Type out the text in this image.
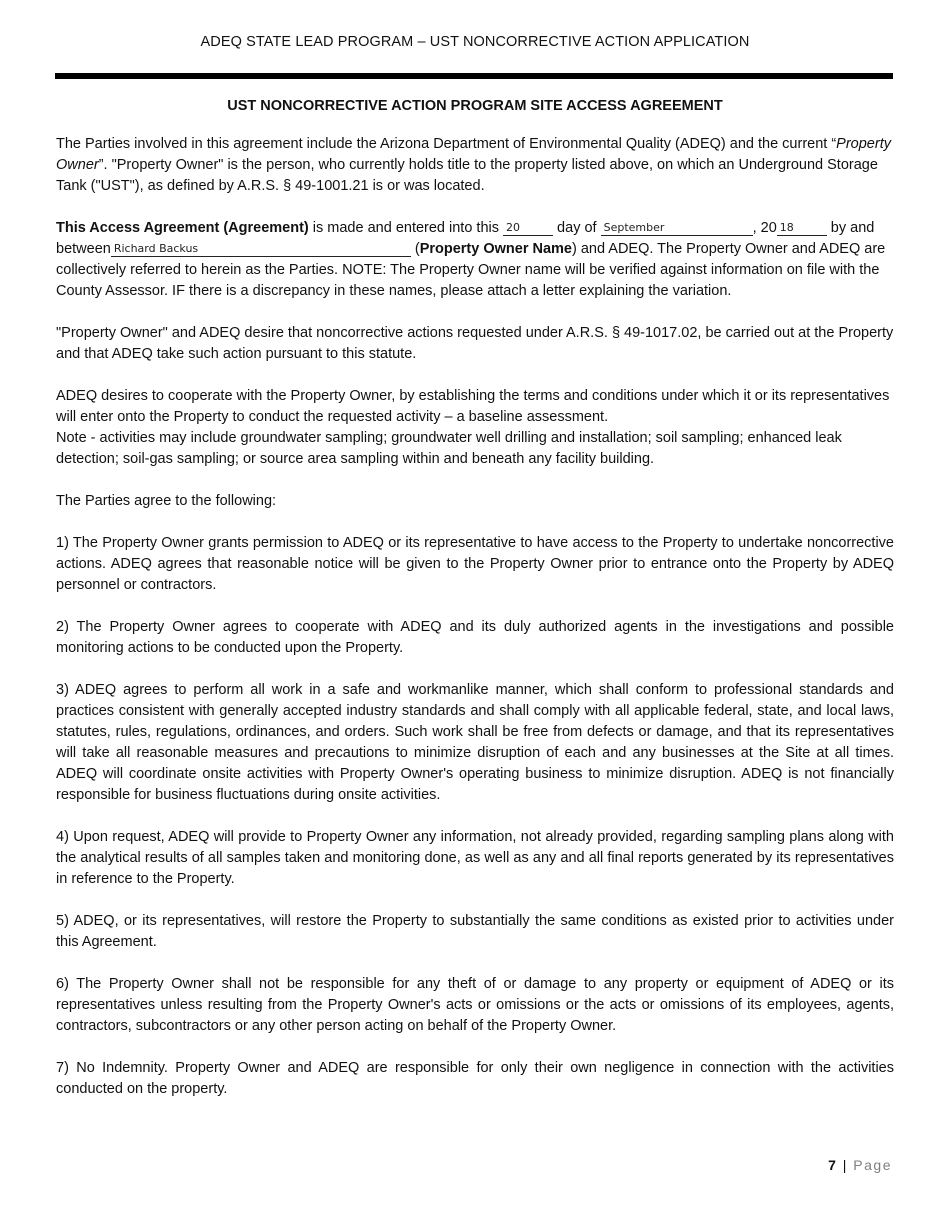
ADEQ STATE LEAD PROGRAM – UST NONCORRECTIVE ACTION APPLICATION
UST NONCORRECTIVE ACTION PROGRAM SITE ACCESS AGREEMENT

The Parties involved in this agreement include the Arizona Department of Environmental Quality (ADEQ) and the current “Property Owner”. "Property Owner" is the person, who currently holds title to the property listed above, on which an Underground Storage Tank ("UST"), as defined by A.R.S. § 49-1001.21 is or was located.

This Access Agreement (Agreement) is made and entered into this 20 day of September	, 20 18 by and between Richard Backus	(Property Owner Name) and ADEQ. The Property Owner and ADEQ are collectively referred to herein as the Parties. NOTE: The Property Owner name will be verified against information on file with the County Assessor. IF there is a discrepancy in these names, please attach a letter explaining the variation.

"Property Owner" and ADEQ desire that noncorrective actions requested under A.R.S. § 49-1017.02, be carried out at the Property and that ADEQ take such action pursuant to this statute.

ADEQ desires to cooperate with the Property Owner, by establishing the terms and conditions under which it or its representatives will enter onto the Property to conduct the requested activity – a baseline assessment.

Note - activities may include groundwater sampling; groundwater well drilling and installation; soil sampling; enhanced leak detection; soil-gas sampling; or source area sampling within and beneath any facility building.

The Parties agree to the following:

1) The Property Owner grants permission to ADEQ or its representative to have access to the Property to undertake noncorrective actions. ADEQ agrees that reasonable notice will be given to the Property Owner prior to entrance onto the Property by ADEQ personnel or contractors.

2) The Property Owner agrees to cooperate with ADEQ and its duly authorized agents in the investigations and possible monitoring actions to be conducted upon the Property.

3) ADEQ agrees to perform all work in a safe and workmanlike manner, which shall conform to professional standards and practices consistent with generally accepted industry standards and shall comply with all applicable federal, state, and local laws, statutes, rules, regulations, ordinances, and orders. Such work shall be free from defects or damage, and that its representatives will take all reasonable measures and precautions to minimize disruption of each and any businesses at the Site at all times. ADEQ will coordinate onsite activities with Property Owner's operating business to minimize disruption. ADEQ is not financially responsible for business fluctuations during onsite activities.

4) Upon request, ADEQ will provide to Property Owner any information, not already provided, regarding sampling plans along with the analytical results of all samples taken and monitoring done, as well as any and all final reports generated by its representatives in reference to the Property.

5) ADEQ, or its representatives, will restore the Property to substantially the same conditions as existed prior to activities under this Agreement.

6) The Property Owner shall not be responsible for any theft of or damage to any property or equipment of ADEQ or its representatives unless resulting from the Property Owner's acts or omissions or the acts or omissions of its employees, agents, contractors, subcontractors or any other person acting on behalf of the Property Owner.

7) No Indemnity. Property Owner and ADEQ are responsible for only their own negligence in connection with the activities conducted on the property.

7 | Page
